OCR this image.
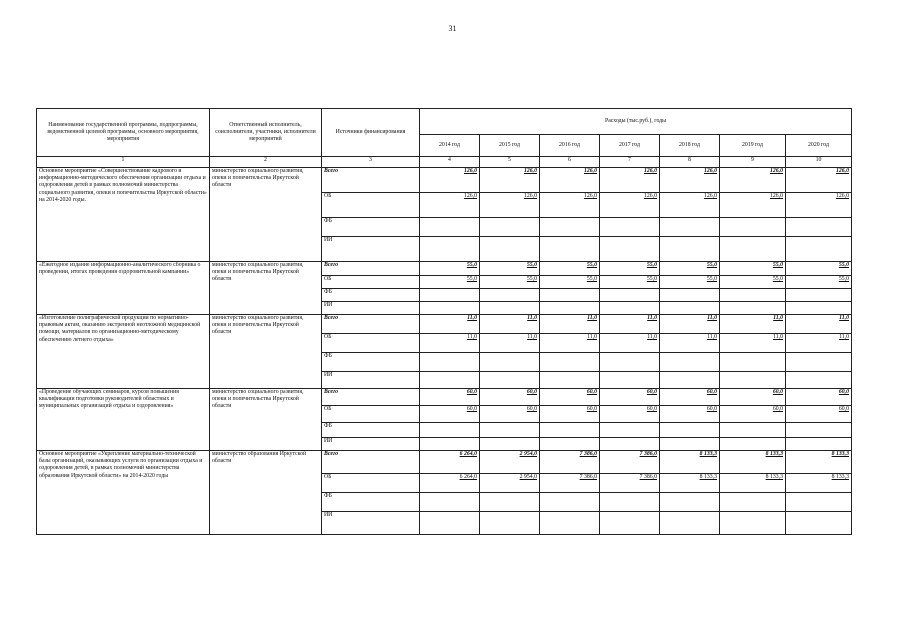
31
Наименование государственной программы, подпрограммы, ведомственной целевой программы, основного мероприятия, мероприятия	Ответственный исполнитель, соисполнители, участники, исполнители мероприятий	Источники финансирования	Расходы (тыс.руб.), годы						
			2014 год	2015 год	2016 год	2017 год	2018 год	2019 год	2020 год
1	2	3	4	5	6	7	8	9	10
Основное мероприятие «Совершенствование кадрового и информационно-методического обеспечения организации отдыха и оздоровления детей в рамках полномочий министерства социального развития, опеки и попечительства Иркутской области» на 2014-2020 годы.	министерство социального развития, опеки и попечительства Иркутской области	Всего	126,0	126,0	126,0	126,0	126,0	126,0	126,0
		ОБ	126,0	126,0	126,0	126,0	126,0	126,0	126,0
		ФБ							
		ИИ							
«Ежегодное издание информационно-аналитического сборника о проведении, итогах проведения оздоровительной кампании»	министерство социального развития, опеки и попечительства Иркутской области	Всего	55,0	55,0	55,0	55,0	55,0	55,0	55,0
		ОБ	55,0	55,0	55,0	55,0	55,0	55,0	55,0
		ФБ							
		ИИ							
«Изготовление полиграфической продукции по нормативно-правовым актам, оказанию экстренной неотложной медицинской помощи, материалов по организационно-методическому обеспечению летнего отдыха»	министерство социального развития, опеки и попечительства Иркутской области	Всего	11,0	11,0	11,0	11,0	11,0	11,0	11,0
		ОБ	11,0	11,0	11,0	11,0	11,0	11,0	11,0
		ФБ							
		ИИ							
«Проведение обучающих семинаров, курсов повышения квалификации подготовки руководителей областных и муниципальных организаций отдыха и оздоровления»	министерство социального развития, опеки и попечительства Иркутской области	Всего	60,0	60,0	60,0	60,0	60,0	60,0	60,0
		ОБ	60,0	60,0	60,0	60,0	60,0	60,0	60,0
		ФБ							
		ИИ							
Основное мероприятие «Укрепление материально-технической базы организаций, оказывающих услуги по организации отдыха и оздоровления детей, в рамках полномочий министерства образования Иркутской области» на 2014-2020 годы	министерство образования Иркутской области	Всего	6 264,0	2 954,0	7 386,0	7 386,0	8 133,3	8 133,3	8 133,3
		ОБ	6 264,0	2 954,0	7 386,0	7 386,0	8 133,3	8 133,3	8 133,3
		ФБ							
		ИИ							
